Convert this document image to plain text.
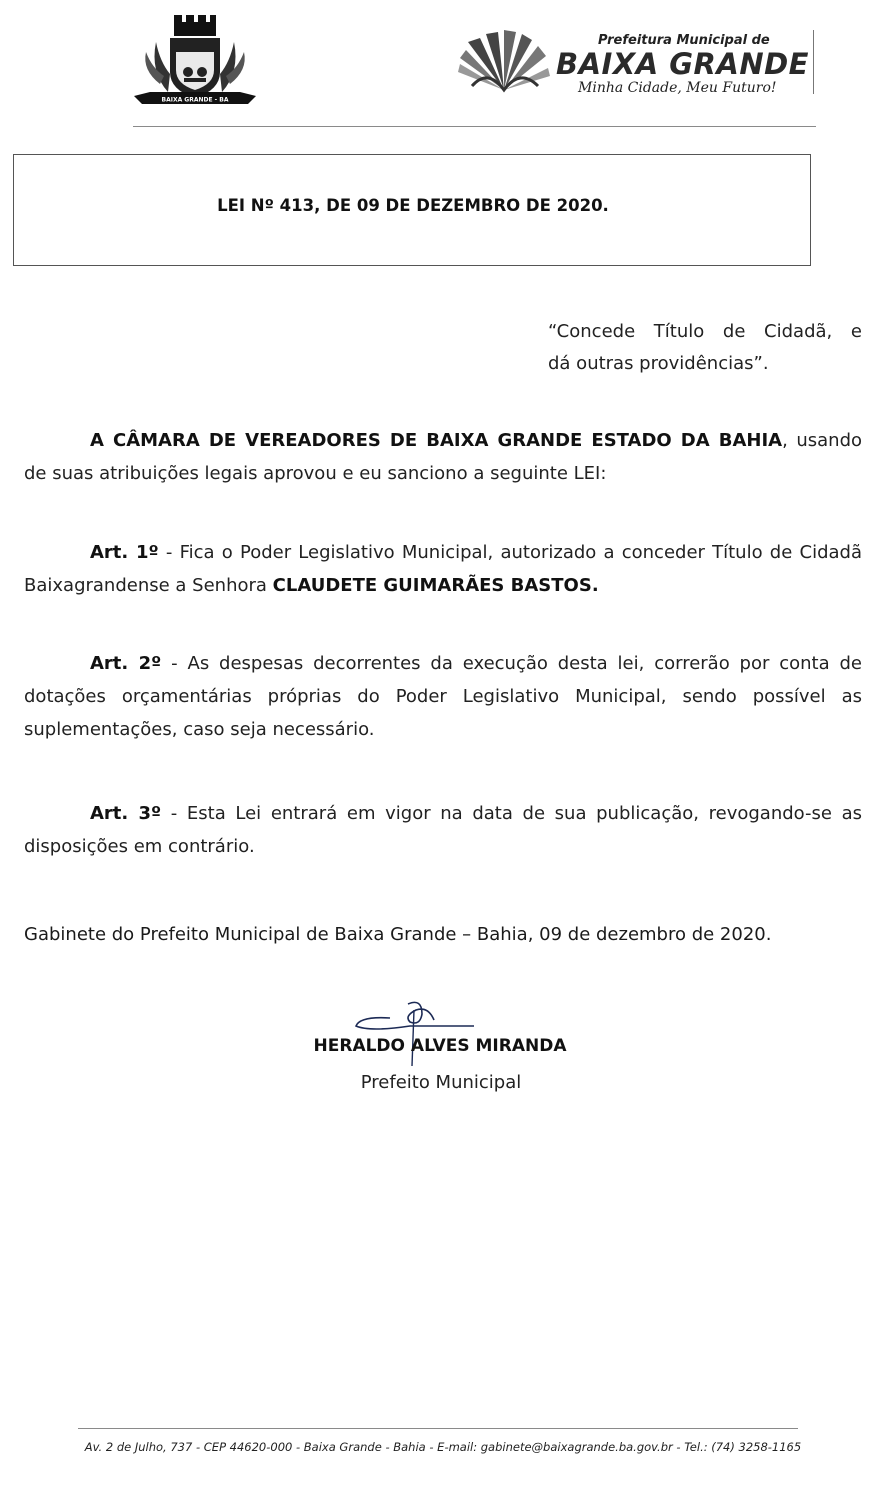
BAIXA GRANDE - BA
Prefeitura Municipal de
BAIXA GRANDE
Minha Cidade, Meu Futuro!
LEI Nº 413, DE 09 DE DEZEMBRO DE 2020.
“Concede Título de Cidadã, e
dá outras providências”.
A CÂMARA DE VEREADORES DE BAIXA GRANDE ESTADO DA BAHIA, usando de suas atribuições legais aprovou e eu sanciono a seguinte LEI:
Art. 1º - Fica o Poder Legislativo Municipal, autorizado a conceder Título de Cidadã Baixagrandense a Senhora CLAUDETE GUIMARÃES BASTOS.
Art. 2º - As despesas decorrentes da execução desta lei, correrão por conta de dotações orçamentárias próprias do Poder Legislativo Municipal, sendo possível as suplementações, caso seja necessário.
Art. 3º - Esta Lei entrará em vigor na data de sua publicação, revogando-se as disposições em contrário.
Gabinete do Prefeito Municipal de Baixa Grande – Bahia, 09 de dezembro de 2020.
HERALDO ALVES MIRANDA
Prefeito Municipal
Av. 2 de Julho, 737 - CEP 44620-000 - Baixa Grande - Bahia - E-mail: gabinete@baixagrande.ba.gov.br - Tel.: (74) 3258-1165
